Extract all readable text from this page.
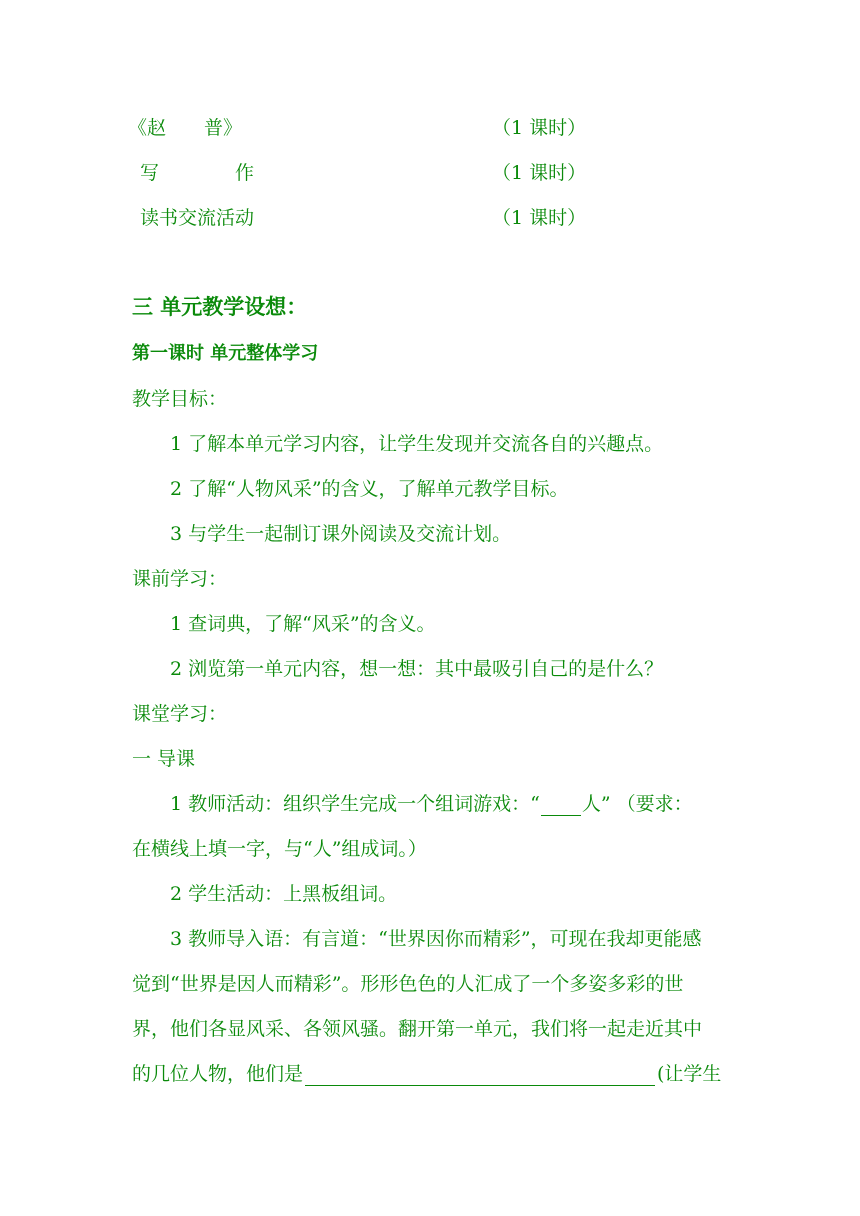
《赵　　普》	（1 课时）
写　　　　作	（1 课时）
读书交流活动	（1 课时）
三 单元教学设想：
第一课时 单元整体学习
教学目标：
1 了解本单元学习内容，让学生发现并交流各自的兴趣点。
2 了解“人物风采”的含义，了解单元教学目标。
3 与学生一起制订课外阅读及交流计划。
课前学习：
1 查词典，了解“风采”的含义。
2 浏览第一单元内容，想一想：其中最吸引自己的是什么？
课堂学习：
一 导课
1 教师活动：组织学生完成一个组词游戏：“ 人” （要求：
在横线上填一字，与“人”组成词。）
2 学生活动：上黑板组词。
3 教师导入语：有言道：“世界因你而精彩”，可现在我却更能感
觉到“世界是因人而精彩”。形形色色的人汇成了一个多姿多彩的世
界，他们各显风采、各领风骚。翻开第一单元，我们将一起走近其中
的几位人物，他们是	(让学生
